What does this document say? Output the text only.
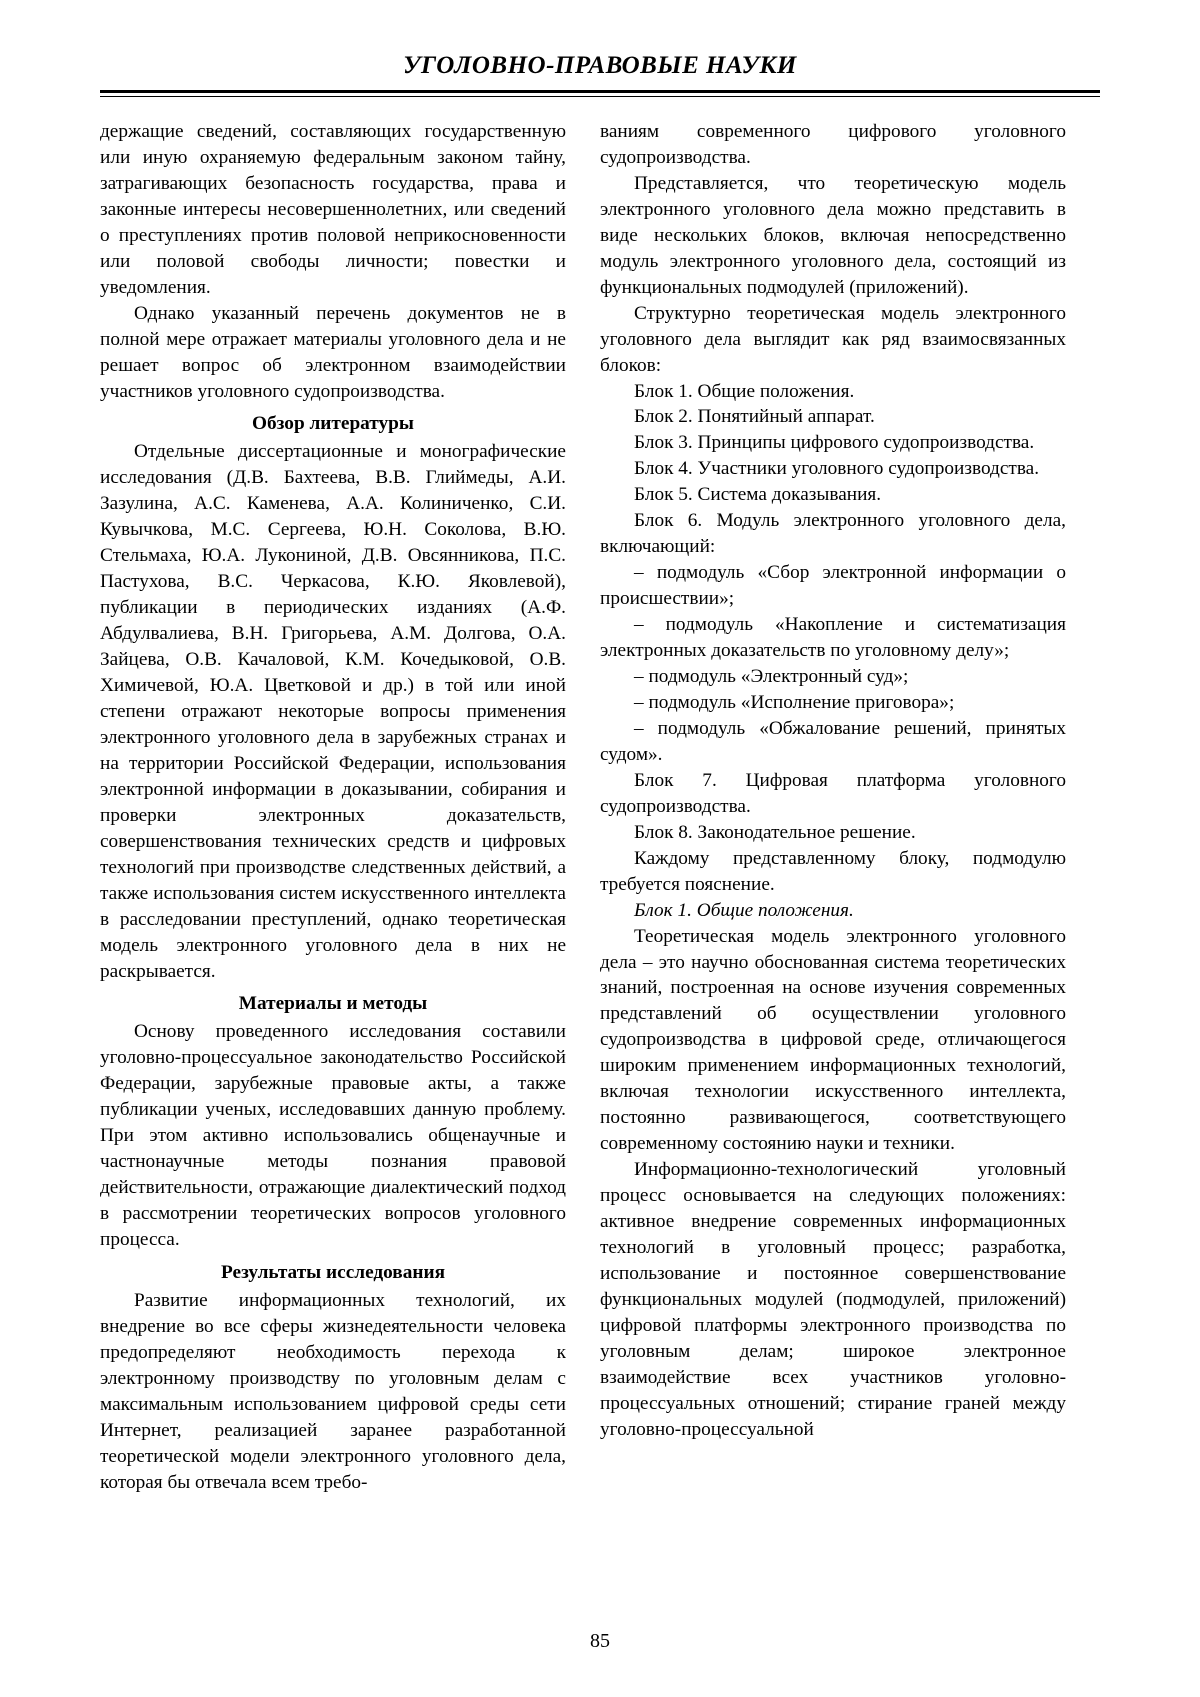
УГОЛОВНО-ПРАВОВЫЕ НАУКИ

держащие сведений, составляющих государственную или иную охраняемую федеральным законом тайну, затрагивающих безопасность государства, права и законные интересы несовершеннолетних, или сведений о преступлениях против половой неприкосновенности или половой свободы личности; повестки и уведомления.

Однако указанный перечень документов не в полной мере отражает материалы уголовного дела и не решает вопрос об электронном взаимодействии участников уголовного судопроизводства.

Обзор литературы

Отдельные диссертационные и монографические исследования (Д.В. Бахтеева, В.В. Глиймеды, А.И. Зазулина, А.С. Каменева, А.А. Колиниченко, С.И. Кувычкова, М.С. Сергеева, Ю.Н. Соколова, В.Ю. Стельмаха, Ю.А. Лукониной, Д.В. Овсянникова, П.С. Пастухова, В.С. Черкасова, К.Ю. Яковлевой), публикации в периодических изданиях (А.Ф. Абдулвалиева, В.Н. Григорьева, А.М. Долгова, О.А. Зайцева, О.В. Качаловой, К.М. Кочедыковой, О.В. Химичевой, Ю.А. Цветковой и др.) в той или иной степени отражают некоторые вопросы применения электронного уголовного дела в зарубежных странах и на территории Российской Федерации, использования электронной информации в доказывании, собирания и проверки электронных доказательств, совершенствования технических средств и цифровых технологий при производстве следственных действий, а также использования систем искусственного интеллекта в расследовании преступлений, однако теоретическая модель электронного уголовного дела в них не раскрывается.

Материалы и методы

Основу проведенного исследования составили уголовно-процессуальное законодательство Российской Федерации, зарубежные правовые акты, а также публикации ученых, исследовавших данную проблему. При этом активно использовались общенаучные и частнонаучные методы познания правовой действительности, отражающие диалектический подход в рассмотрении теоретических вопросов уголовного процесса.

Результаты исследования

Развитие информационных технологий, их внедрение во все сферы жизнедеятельности человека предопределяют необходимость перехода к электронному производству по уголовным делам с максимальным использованием цифровой среды сети Интернет, реализацией заранее разработанной теоретической модели электронного уголовного дела, которая бы отвечала всем требо-

ваниям современного цифрового уголовного судопроизводства.

Представляется, что теоретическую модель электронного уголовного дела можно представить в виде нескольких блоков, включая непосредственно модуль электронного уголовного дела, состоящий из функциональных подмодулей (приложений).

Структурно теоретическая модель электронного уголовного дела выглядит как ряд взаимосвязанных блоков:

Блок 1. Общие положения.

Блок 2. Понятийный аппарат.

Блок 3. Принципы цифрового судопроизводства.

Блок 4. Участники уголовного судопроизводства.

Блок 5. Система доказывания.

Блок 6. Модуль электронного уголовного дела, включающий:

– подмодуль «Сбор электронной информации о происшествии»;

– подмодуль «Накопление и систематизация электронных доказательств по уголовному делу»;

– подмодуль «Электронный суд»;

– подмодуль «Исполнение приговора»;

– подмодуль «Обжалование решений, принятых судом».

Блок 7. Цифровая платформа уголовного судопроизводства.

Блок 8. Законодательное решение.

Каждому представленному блоку, подмодулю требуется пояснение.

Блок 1. Общие положения.

Теоретическая модель электронного уголовного дела – это научно обоснованная система теоретических знаний, построенная на основе изучения современных представлений об осуществлении уголовного судопроизводства в цифровой среде, отличающегося широким применением информационных технологий, включая технологии искусственного интеллекта, постоянно развивающегося, соответствующего современному состоянию науки и техники.

Информационно-технологический уголовный процесс основывается на следующих положениях: активное внедрение современных информационных технологий в уголовный процесс; разработка, использование и постоянное совершенствование функциональных модулей (подмодулей, приложений) цифровой платформы электронного производства по уголовным делам; широкое электронное взаимодействие всех участников уголовно-процессуальных отношений; стирание граней между уголовно-процессуальной

85
